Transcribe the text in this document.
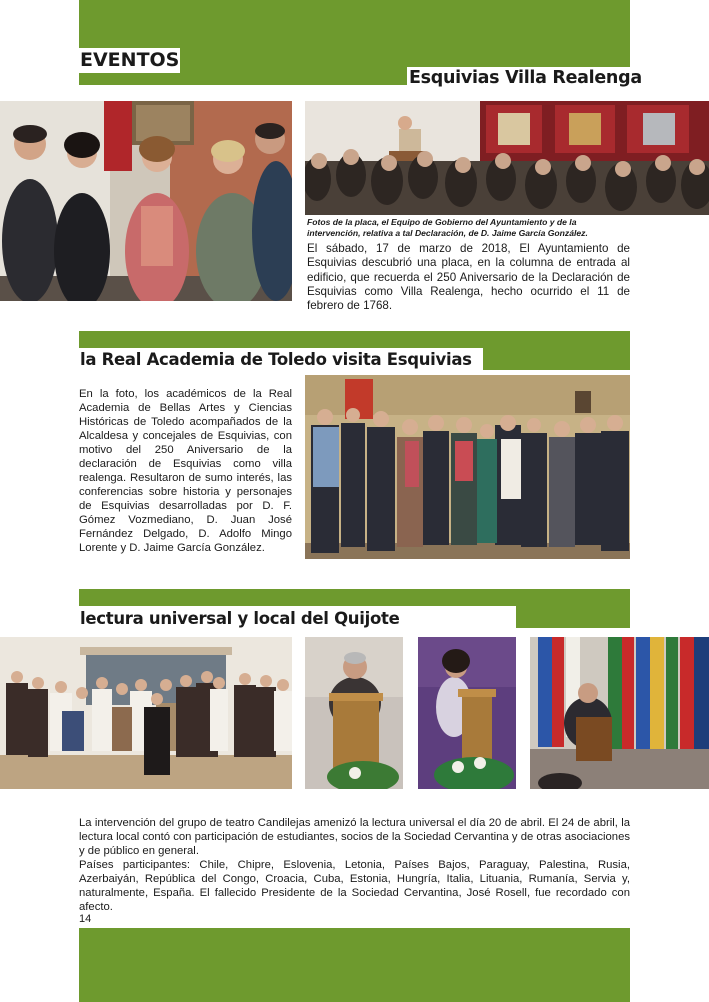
EVENTOS
Esquivias Villa Realenga

Fotos de la placa, el Equipo de Gobierno del Ayuntamiento y de la intervención, relativa a tal Declaración, de D. Jaime García González.

El sábado, 17 de marzo de 2018, El Ayuntamiento de Esquivias descubrió una placa, en la columna de entrada al edificio, que recuerda el 250 Aniversario de la Declaración de Esquivias como Villa Realenga, hecho ocurrido el 11 de febrero de 1768.

la Real Academia de Toledo visita Esquivias

En la foto, los académicos de la Real Academia de Bellas Artes y Ciencias Históricas de Toledo acompañados de la Alcaldesa y concejales de Esquivias, con motivo del 250 Aniversario de la declaración de Esquivias como villa realenga. Resultaron de sumo interés, las conferencias sobre historia y personajes de Esquivias desarrolladas por D. F. Gómez Vozmediano, D. Juan José Fernández Delgado, D. Adolfo Mingo Lorente y D. Jaime García González.

lectura universal y local del Quijote

La intervención del grupo de teatro Candilejas amenizó la lectura universal el día 20 de abril. El 24 de abril, la lectura local contó con participación de estudiantes, socios de la Sociedad Cervantina y de otras asociaciones y de público en general.

Países participantes: Chile, Chipre, Eslovenia, Letonia, Países Bajos, Paraguay, Palestina, Rusia, Azerbaiyán, República del Congo, Croacia, Cuba, Estonia, Hungría, Italia, Lituania, Rumanía, Servia y, naturalmente, España. El fallecido Presidente de la Sociedad Cervantina, José Rosell, fue recordado con afecto.

14
